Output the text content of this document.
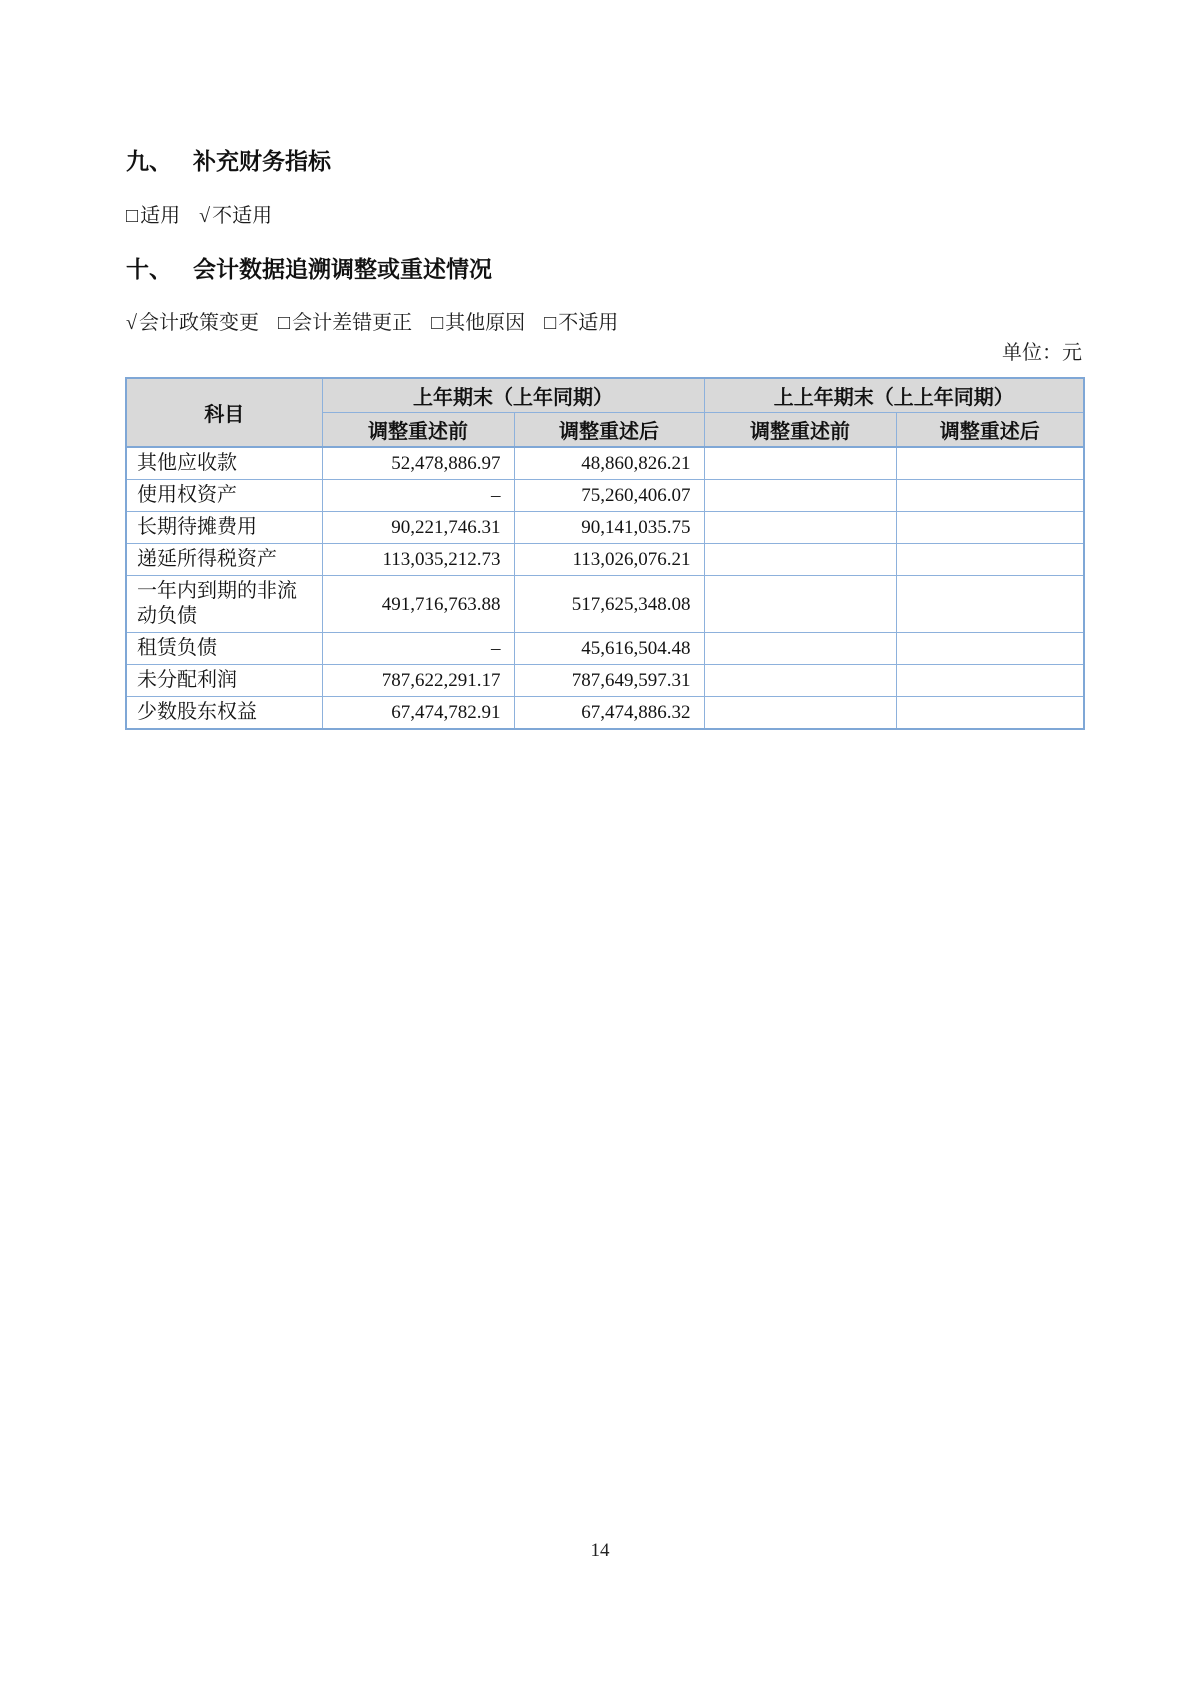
九、 补充财务指标
□ 适用 √ 不适用
十、 会计数据追溯调整或重述情况
√ 会计政策变更 □ 会计差错更正 □ 其他原因 □ 不适用
单位：元
科目	上年期末（上年同期）		上上年期末（上上年同期）	
	调整重述前	调整重述后	调整重述前	调整重述后
其他应收款	52,478,886.97	48,860,826.21		
使用权资产	–	75,260,406.07		
长期待摊费用	90,221,746.31	90,141,035.75		
递延所得税资产	113,035,212.73	113,026,076.21		
一年内到期的非流动负债	491,716,763.88	517,625,348.08		
租赁负债	–	45,616,504.48		
未分配利润	787,622,291.17	787,649,597.31		
少数股东权益	67,474,782.91	67,474,886.32		
14
